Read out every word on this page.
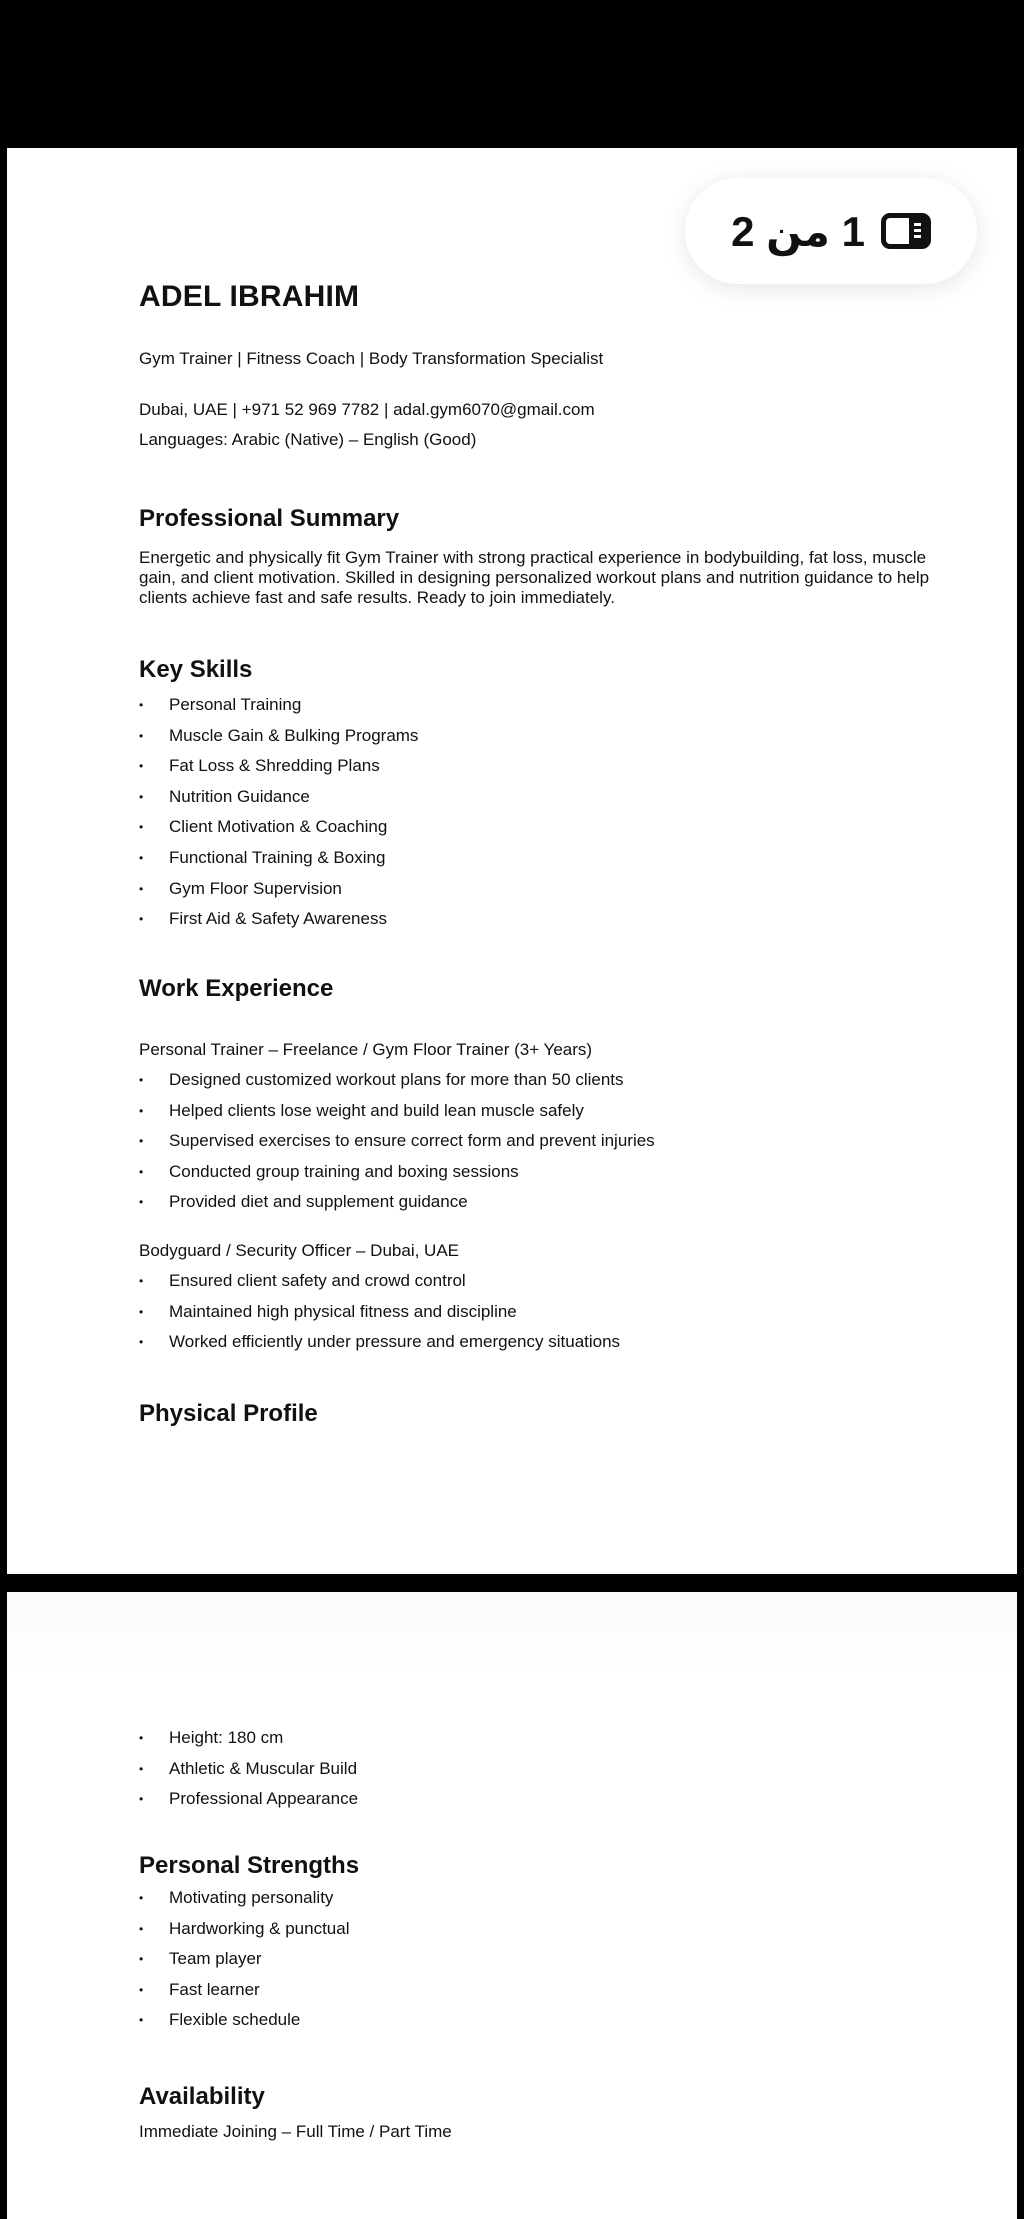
ADEL IBRAHIM

Gym Trainer | Fitness Coach | Body Transformation Specialist

Dubai, UAE | +971 52 969 7782 | adal.gym6070@gmail.com

Languages: Arabic (Native) – English (Good)

Professional Summary

Energetic and physically fit Gym Trainer with strong practical experience in bodybuilding, fat loss, muscle gain, and client motivation. Skilled in designing personalized workout plans and nutrition guidance to help clients achieve fast and safe results. Ready to join immediately.

Key Skills
• Personal Training
• Muscle Gain & Bulking Programs
• Fat Loss & Shredding Plans
• Nutrition Guidance
• Client Motivation & Coaching
• Functional Training & Boxing
• Gym Floor Supervision
• First Aid & Safety Awareness
Work Experience

Personal Trainer – Freelance / Gym Floor Trainer (3+ Years)

• Designed customized workout plans for more than 50 clients
• Helped clients lose weight and build lean muscle safely
• Supervised exercises to ensure correct form and prevent injuries
• Conducted group training and boxing sessions
• Provided diet and supplement guidance

Bodyguard / Security Officer – Dubai, UAE

• Ensured client safety and crowd control
• Maintained high physical fitness and discipline
• Worked efficiently under pressure and emergency situations
Physical Profile
• Height: 180 cm
• Athletic & Muscular Build
• Professional Appearance
Personal Strengths
• Motivating personality
• Hardworking & punctual
• Team player
• Fast learner
• Flexible schedule
Availability

Immediate Joining – Full Time / Part Time

1 من 2
